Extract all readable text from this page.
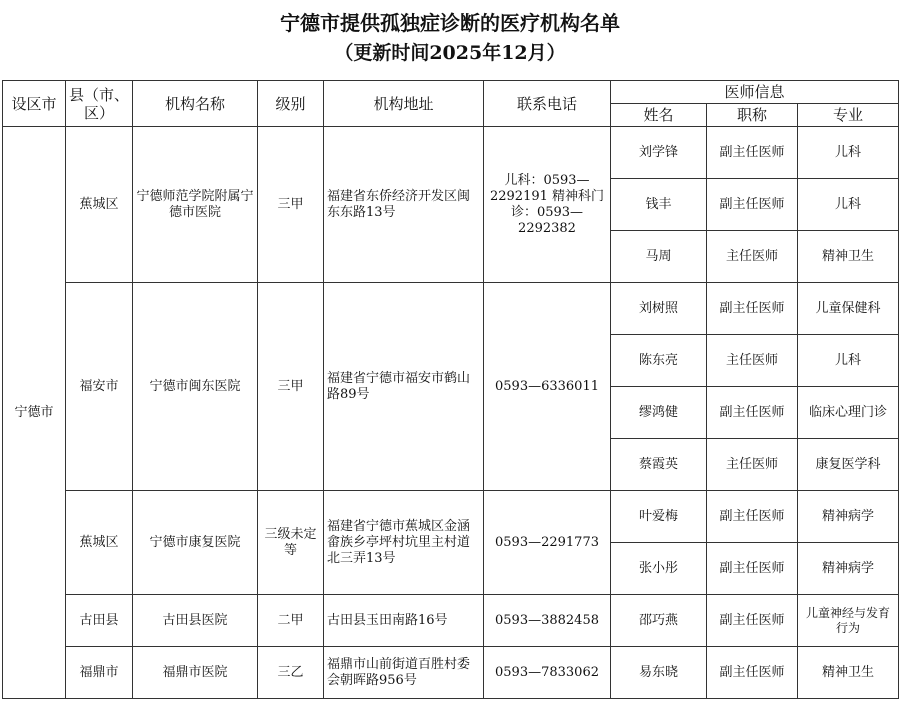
宁德市提供孤独症诊断的医疗机构名单
（更新时间2025年12月）
设区市	县（市、区）	机构名称	级别	机构地址	联系电话	医师信息		
						姓名	职称	专业
宁德市	蕉城区	宁德师范学院附属宁德市医院	三甲	福建省东侨经济开发区闽东东路13号	儿科：0593—2292191 精神科门诊：0593—2292382	刘学锋	副主任医师	儿科
						钱丰	副主任医师	儿科
						马周	主任医师	精神卫生
	福安市	宁德市闽东医院	三甲	福建省宁德市福安市鹤山路89号	0593—6336011	刘树照	副主任医师	儿童保健科
						陈东亮	主任医师	儿科
						缪鸿健	副主任医师	临床心理门诊
						蔡霞英	主任医师	康复医学科
	蕉城区	宁德市康复医院	三级未定等	福建省宁德市蕉城区金涵畲族乡亭坪村坑里主村道北三弄13号	0593—2291773	叶爱梅	副主任医师	精神病学
						张小彤	副主任医师	精神病学
	古田县	古田县医院	二甲	古田县玉田南路16号	0593—3882458	邵巧燕	副主任医师	儿童神经与发育行为
	福鼎市	福鼎市医院	三乙	福鼎市山前街道百胜村委会朝晖路956号	0593—7833062	易东晓	副主任医师	精神卫生
